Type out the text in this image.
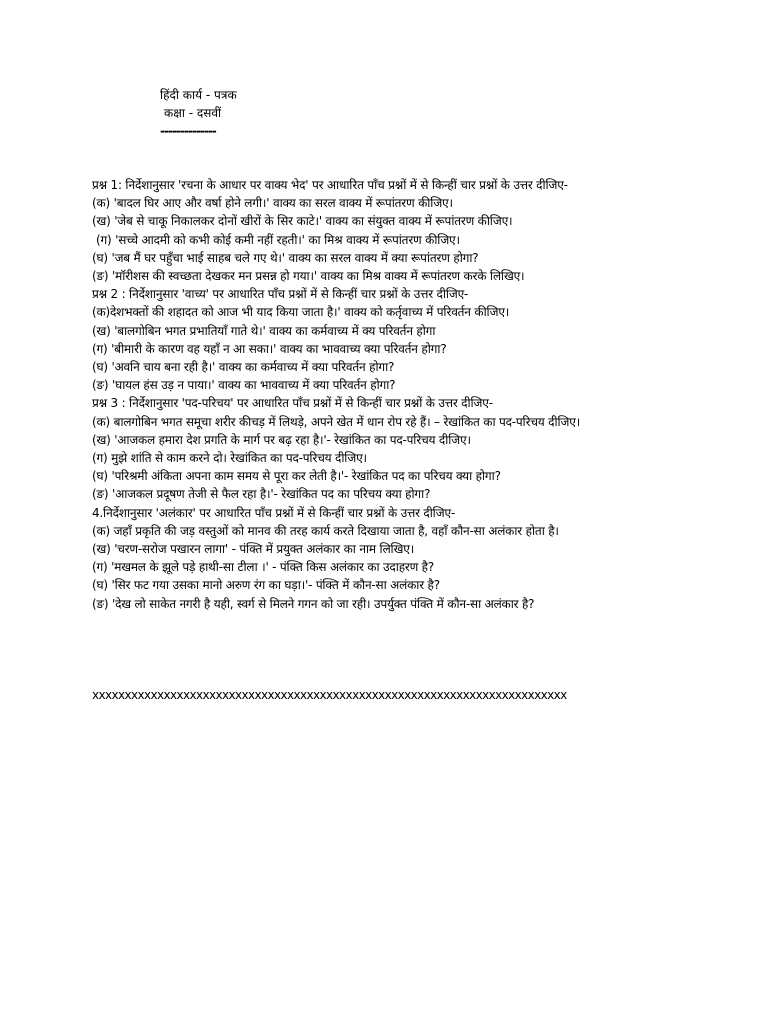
हिंदी कार्य - पत्रक
कक्षा - दसवीं
--------------

प्रश्न 1: निर्देशानुसार 'रचना के आधार पर वाक्य भेद' पर आधारित पाँच प्रश्नों में से किन्हीं चार प्रश्नों के उत्तर दीजिए-

(क) 'बादल घिर आए और वर्षा होने लगी।' वाक्य का सरल वाक्य में रूपांतरण कीजिए।

(ख) 'जेब से चाकू निकालकर दोनों खीरों के सिर काटे।' वाक्य का संयुक्त वाक्य में रूपांतरण कीजिए।

(ग) 'सच्चे आदमी को कभी कोई कमी नहीं रहती।' का मिश्र वाक्य में रूपांतरण कीजिए।

(घ) 'जब मैं घर पहुँचा भाई साहब चले गए थे।' वाक्य का सरल वाक्य में क्या रूपांतरण होगा?

(ङ) 'मॉरीशस की स्वच्छता देखकर मन प्रसन्न हो गया।' वाक्य का मिश्र वाक्य में रूपांतरण करके लिखिए।

प्रश्न 2 : निर्देशानुसार 'वाच्य' पर आधारित पाँच प्रश्नों में से किन्हीं चार प्रश्नों के उत्तर दीजिए-

(क)देशभक्तों की शहादत को आज भी याद किया जाता है।' वाक्य को कर्तृवाच्य में परिवर्तन कीजिए।

(ख) 'बालगोबिन भगत प्रभातियाँ गाते थे।' वाक्य का कर्मवाच्य में क्य परिवर्तन होगा

(ग) 'बीमारी के कारण वह यहाँ न आ सका।' वाक्य का भाववाच्य क्या परिवर्तन होगा?

(घ) 'अवनि चाय बना रही है।' वाक्य का कर्मवाच्य में क्या परिवर्तन होगा?

(ङ) 'घायल हंस उड़ न पाया।' वाक्य का भाववाच्य में क्या परिवर्तन होगा?

प्रश्न 3 : निर्देशानुसार 'पद-परिचय' पर आधारित पाँच प्रश्नों में से किन्हीं चार प्रश्नों के उत्तर दीजिए-

(क) बालगोबिन भगत समूचा शरीर कीचड़ में लिथड़े, अपने खेत में धान रोप रहे हैं। – रेखांकित का पद-परिचय दीजिए।

(ख) 'आजकल हमारा देश प्रगति के मार्ग पर बढ़ रहा है।'- रेखांकित का पद-परिचय दीजिए।

(ग) मुझे शांति से काम करने दो। रेखांकित का पद-परिचय दीजिए।

(घ) 'परिश्रमी अंकिता अपना काम समय से पूरा कर लेती है।'- रेखांकित पद का परिचय क्या होगा?

(ङ) 'आजकल प्रदूषण तेजी से फैल रहा है।'- रेखांकित पद का परिचय क्या होगा?

4.निर्देशानुसार 'अलंकार' पर आधारित पाँच प्रश्नों में से किन्हीं चार प्रश्नों के उत्तर दीजिए-

(क) जहाँ प्रकृति की जड़ वस्तुओं को मानव की तरह कार्य करते दिखाया जाता है, वहाँ कौन-सा अलंकार होता है।

(ख) 'चरण-सरोज पखारन लागा' - पंक्ति में प्रयुक्त अलंकार का नाम लिखिए।

(ग) 'मखमल के झूले पड़े हाथी-सा टीला ।' - पंक्ति किस अलंकार का उदाहरण है?

(घ) 'सिर फट गया उसका मानो अरुण रंग का घड़ा।'- पंक्ति में कौन-सा अलंकार है?

(ङ) 'देख लो साकेत नगरी है यही, स्वर्ग से मिलने गगन को जा रही। उपर्युक्त पंक्ति में कौन-सा अलंकार है?

xxxxxxxxxxxxxxxxxxxxxxxxxxxxxxxxxxxxxxxxxxxxxxxxxxxxxxxxxxxxxxxxxxxxxxxxx
